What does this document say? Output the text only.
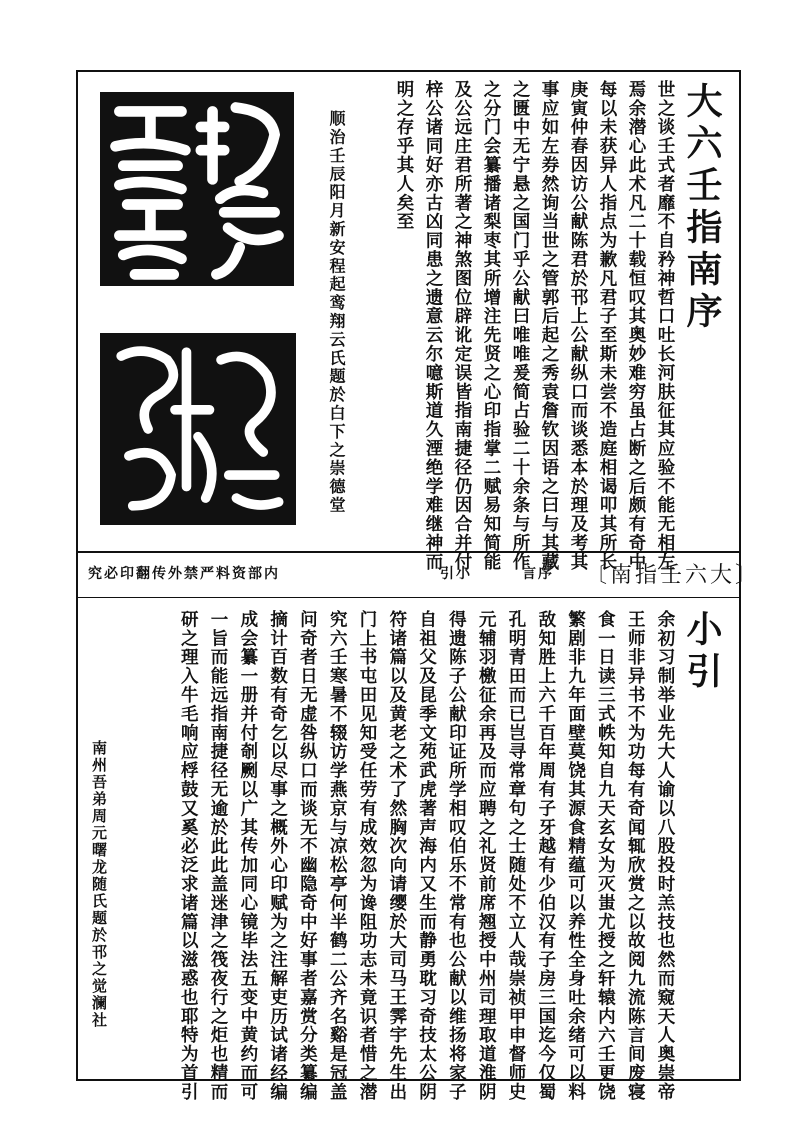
大六壬指南序
世之谈壬式者靡不自矜神哲口吐长河肤征其应验不能无相左
焉余潜心此术凡二十载恒叹其奥妙难穷虽占断之后颇有奇中
每以未获异人指点为歉凡君子至斯未尝不造庭相谒叩其所长
庚寅仲春因访公献陈君於邗上公献纵口而谈悉本於理及考其
事应如左券然询当世之管郭后起之秀袁詹钦因语之曰与其藏
之匮中无宁悬之国门乎公献曰唯唯爰简占验二十余条与所作
之分门会纂播诸梨枣其所增注先贤之心印指掌二赋易知简能
及公远庄君所著之神煞图位辟讹定误皆指南捷径仍因合并付
梓公诸同好亦古凶同患之遗意云尔噫斯道久湮绝学难继神而
明之存乎其人矣至
顺治壬辰阳月新安程起鸾翔云氏题於白下之崇德堂
究必印翻传外禁严料资部内	引小	言序 〔南指壬六大〕
小引
余初习制举业先大人谕以八股投时羔技也然而窥天人奥崇帝
王师非异书不为功每有奇闻辄欣赏之以故阅九流陈言间废寝
食一日读三式帙知自九天玄女为灭蚩尤授之轩辕内六壬更饶
繁剧非九年面壁莫饶其源食精蕴可以养性全身吐余绪可以料
敌知胜上六千百年周有子牙越有少伯汉有子房三国迄今仅蜀
孔明青田而已岂寻常章句之士随处不立人哉崇祯甲申督师史
元辅羽檄征余再及而应聘之礼贤前席翘授中州司理取道淮阴
得遗陈子公献印证所学相叹伯乐不常有也公献以维扬将家子
自祖父及昆季文苑武虎著声海内又生而静勇耽习奇技太公阴
符诸篇以及黄老之术了然胸次向请缨於大司马王霁宇先生出
门上书屯田见知受任劳有成效忽为谗阻功志未竟识者惜之潜
究六壬寒暑不辍访学燕京与凉松亭何半鹤二公齐名谿是冠盖
问奇者日无虚咎纵口而谈无不幽隐奇中好事者嘉赏分类纂编
摘计百数有奇乞以尽事之概外心印赋为之注解吏历试诸经编
成会纂一册并付剞劂以广其传加同心镜毕法五变中黄约而可
一旨而能远指南捷径无逾於此此盖迷津之筏夜行之炬也精而
研之理入牛毛响应桴鼓又奚必泛求诸篇以滋惑也耶特为首引
南州吾弟周元曙龙随氏题於邗之觉澜社
